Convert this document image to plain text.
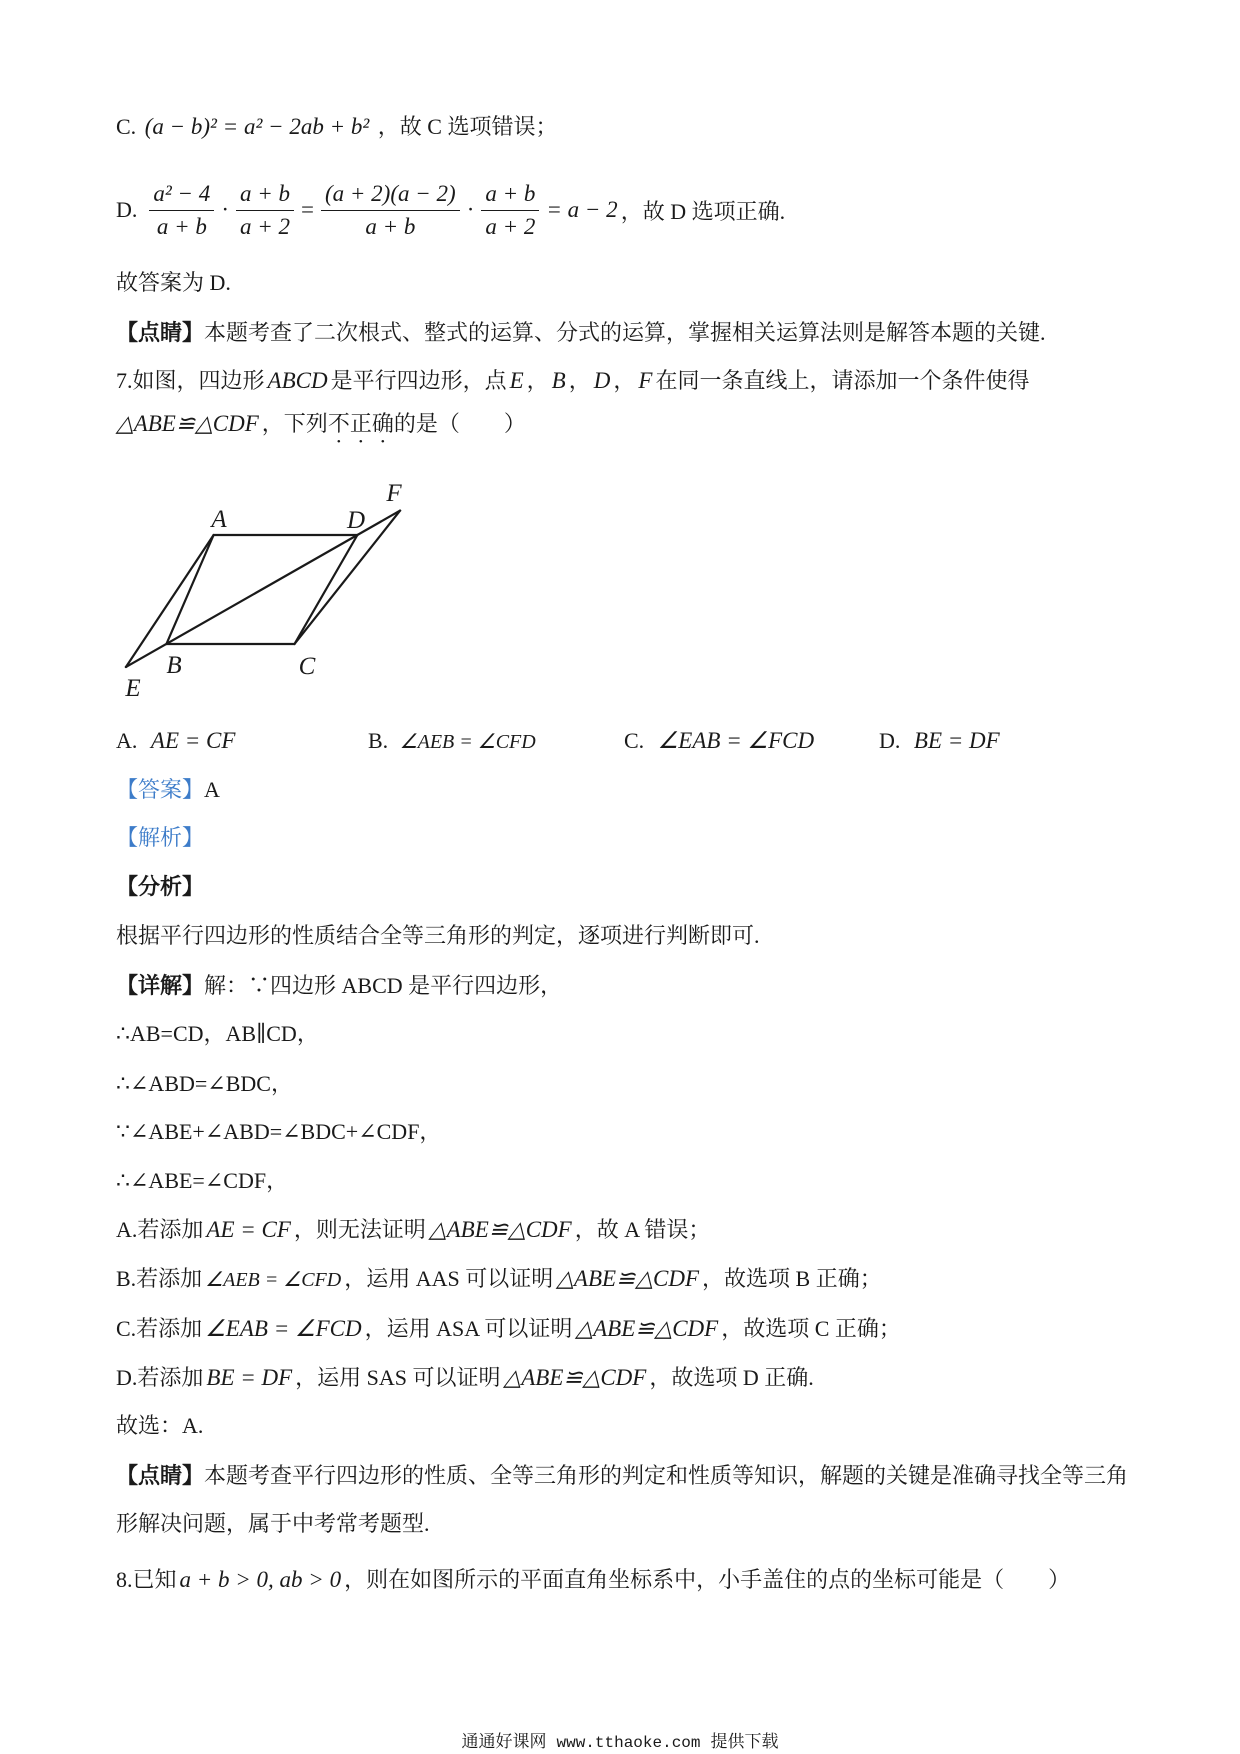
C. (a − b)² = a² − 2ab + b² ，故 C 选项错误；
D. $\frac{\text{a² − 4}}{a + b} \cdot \frac{a + b}{a + 2} = \frac{(a + 2)(a - 2)}{a + b} \cdot \frac{a + b}{a + 2} = a - 2$ ，故 D 选项正确.
故答案为 D.
【点睛】本题考查了二次根式、整式的运算、分式的运算，掌握相关运算法则是解答本题的关键.
7.如图，四边形 ABCD 是平行四边形，点 E ， B ， D ， F 在同一条直线上，请添加一个条件使得
△ABE≌△CDF ，下列不正确的是（　　）
A	D
F
B	C
E
A. AE = CF	B. ∠AEB = ∠CFD	C. ∠EAB = ∠FCD	D. BE = DF
【答案】A
【解析】
【分析】
根据平行四边形的性质结合全等三角形的判定，逐项进行判断即可.
【详解】解：∵四边形 ABCD 是平行四边形，
∴AB=CD，AB∥CD，
∴∠ABD=∠BDC，
∵∠ABE+∠ABD=∠BDC+∠CDF，
∴∠ABE=∠CDF，
A.若添加 AE = CF ，则无法证明 △ABE≌△CDF ，故 A 错误；
B.若添加 ∠AEB = ∠CFD ，运用 AAS 可以证明 △ABE≌△CDF ，故选项 B 正确；
C.若添加 ∠EAB = ∠FCD ，运用 ASA 可以证明 △ABE≌△CDF ，故选项 C 正确；
D.若添加 BE = DF ，运用 SAS 可以证明 △ABE≌△CDF ，故选项 D 正确.
故选：A.
【点睛】本题考查平行四边形的性质、全等三角形的判定和性质等知识，解题的关键是准确寻找全等三角
形解决问题，属于中考常考题型.
8.已知 a + b > 0, ab > 0 ，则在如图所示的平面直角坐标系中，小手盖住的点的坐标可能是（　　）
通通好课网 www.tthaoke.com 提供下载
